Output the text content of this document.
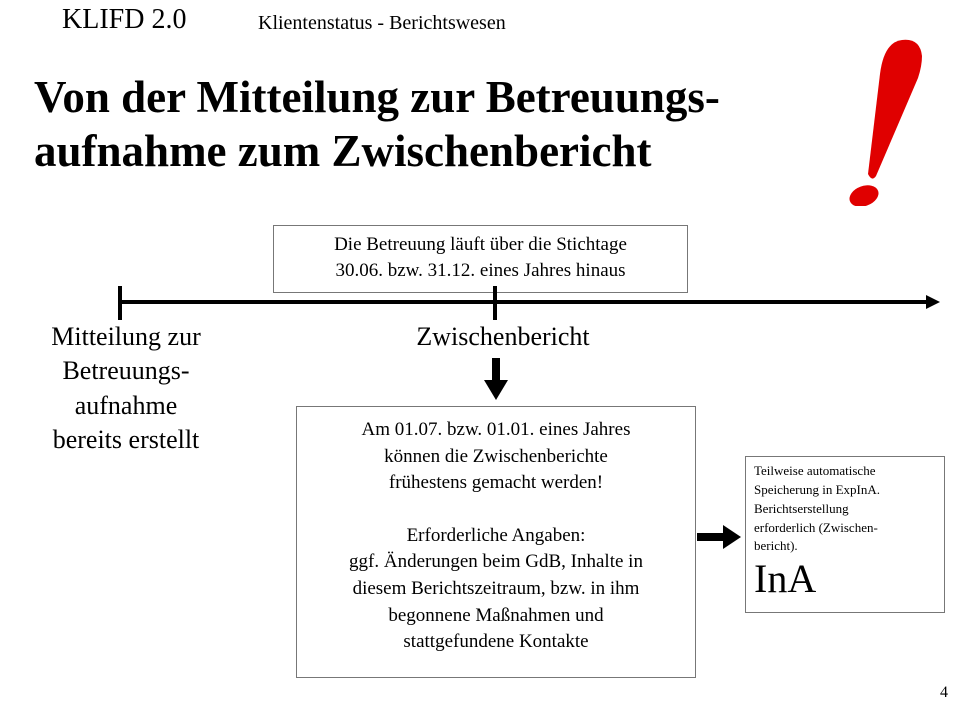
KLIFD 2.0	Klientenstatus - Berichtswesen
Von der Mitteilung zur Betreuungs-
aufnahme zum Zwischenbericht
Die Betreuung läuft über die Stichtage
30.06. bzw. 31.12. eines Jahres hinaus
Mitteilung zur
Betreuungs-
aufnahme
bereits erstellt
Zwischenbericht
Am 01.07. bzw. 01.01. eines Jahres
können die Zwischenberichte
frühestens gemacht werden!
Erforderliche Angaben:
ggf. Änderungen beim GdB, Inhalte in
diesem Berichtszeitraum, bzw. in ihm
begonnene Maßnahmen und
stattgefundene Kontakte
Teilweise automatische
Speicherung in ExpInA.
Berichtserstellung
erforderlich (Zwischen-
bericht).
InA
4
